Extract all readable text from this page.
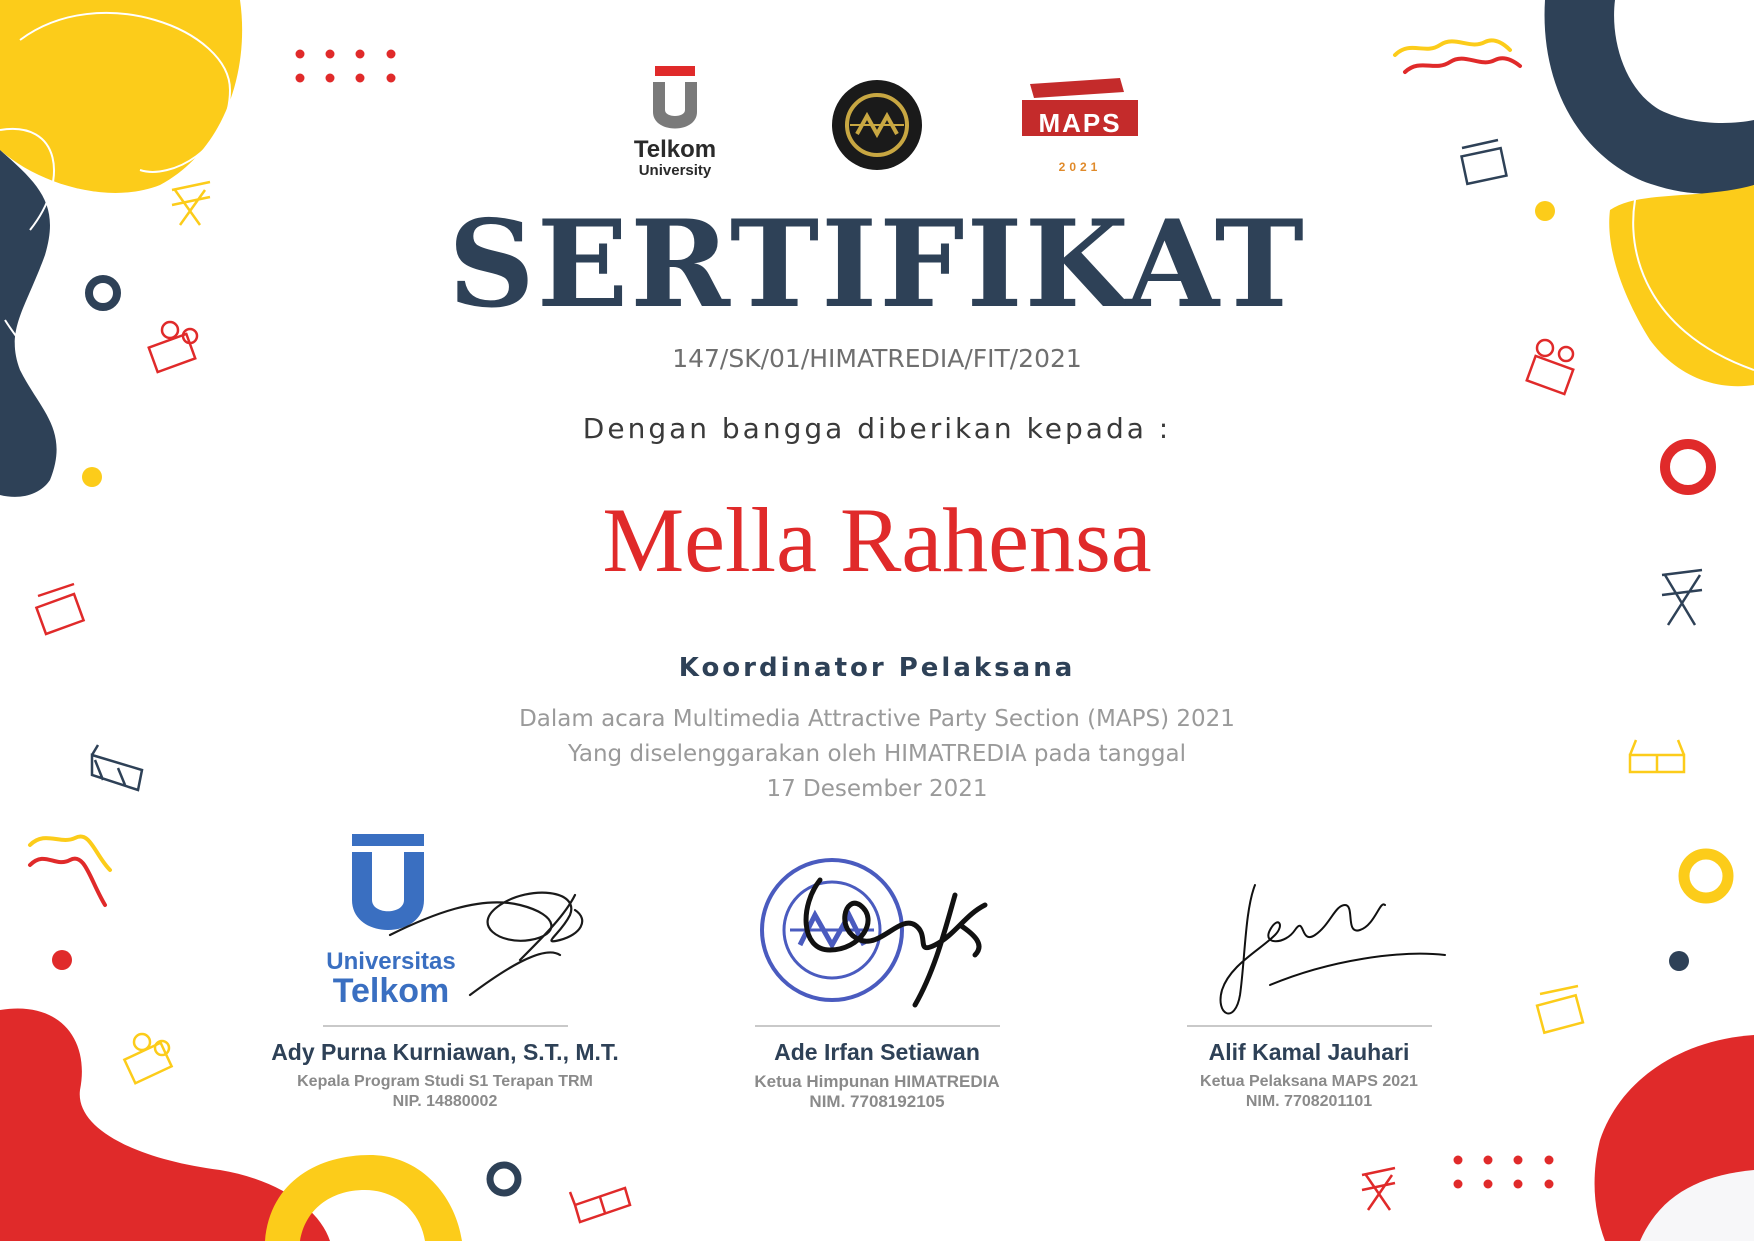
Telkom
University
MAPS
2021
SERTIFIKAT
147/SK/01/HIMATREDIA/FIT/2021
Dengan bangga diberikan kepada :
Mella Rahensa
Koordinator Pelaksana
Dalam acara Multimedia Attractive Party Section (MAPS) 2021
Yang diselenggarakan oleh HIMATREDIA pada tanggal
17 Desember 2021
Universitas
Telkom
Ady Purna Kurniawan, S.T., M.T.
Kepala Program Studi S1 Terapan TRM
NIP. 14880002
Ade Irfan Setiawan
Ketua Himpunan HIMATREDIA
NIM. 7708192105
Alif Kamal Jauhari
Ketua Pelaksana MAPS 2021
NIM. 7708201101
